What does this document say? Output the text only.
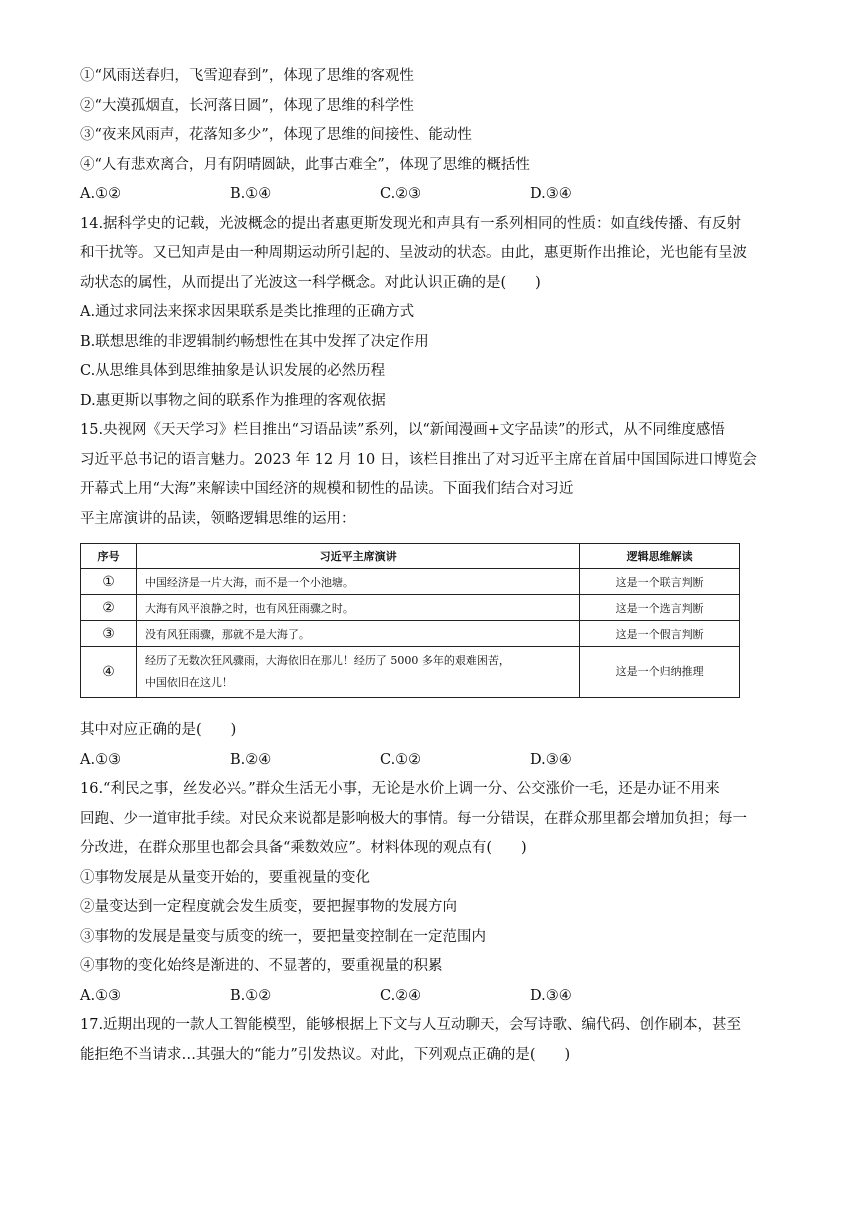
①“风雨送春归，飞雪迎春到”，体现了思维的客观性
②“大漠孤烟直，长河落日圆”，体现了思维的科学性
③“夜来风雨声，花落知多少”，体现了思维的间接性、能动性
④“人有悲欢离合，月有阴晴圆缺，此事古难全”，体现了思维的概括性
A.①②	B.①④	C.②③	D.③④
14.据科学史的记载，光波概念的提出者惠更斯发现光和声具有一系列相同的性质：如直线传播、有反射
和干扰等。又已知声是由一种周期运动所引起的、呈波动的状态。由此，惠更斯作出推论，光也能有呈波
动状态的属性，从而提出了光波这一科学概念。对此认识正确的是(　　)
A.通过求同法来探求因果联系是类比推理的正确方式
B.联想思维的非逻辑制约畅想性在其中发挥了决定作用
C.从思维具体到思维抽象是认识发展的必然历程
D.惠更斯以事物之间的联系作为推理的客观依据
15.央视网《天天学习》栏目推出“习语品读”系列，以“新闻漫画+文字品读”的形式，从不同维度感悟
习近平总书记的语言魅力。2023 年 12 月 10 日，该栏目推出了对习近平主席在首届中国国际进口博览会
开幕式上用“大海”来解读中国经济的规模和韧性的品读。下面我们结合对习近
平主席演讲的品读，领略逻辑思维的运用：
序号	习近平主席演讲	逻辑思维解读
①	中国经济是一片大海，而不是一个小池塘。	这是一个联言判断
②	大海有风平浪静之时，也有风狂雨骤之时。	这是一个选言判断
③	没有风狂雨骤，那就不是大海了。	这是一个假言判断
④	经历了无数次狂风骤雨，大海依旧在那儿！经历了 5000 多年的艰难困苦，
中国依旧在这儿！	这是一个归纳推理
其中对应正确的是(　　)
A.①③	B.②④	C.①②	D.③④
16.“利民之事，丝发必兴。”群众生活无小事，无论是水价上调一分、公交涨价一毛，还是办证不用来
回跑、少一道审批手续。对民众来说都是影响极大的事情。每一分错误，在群众那里都会增加负担；每一
分改进，在群众那里也都会具备“乘数效应”。材料体现的观点有(　　)
①事物发展是从量变开始的，要重视量的变化
②量变达到一定程度就会发生质变，要把握事物的发展方向
③事物的发展是量变与质变的统一，要把量变控制在一定范围内
④事物的变化始终是渐进的、不显著的，要重视量的积累
A.①③	B.①②	C.②④	D.③④
17.近期出现的一款人工智能模型，能够根据上下文与人互动聊天，会写诗歌、编代码、创作刷本，甚至
能拒绝不当请求…其强大的“能力”引发热议。对此，下列观点正确的是(　　)
